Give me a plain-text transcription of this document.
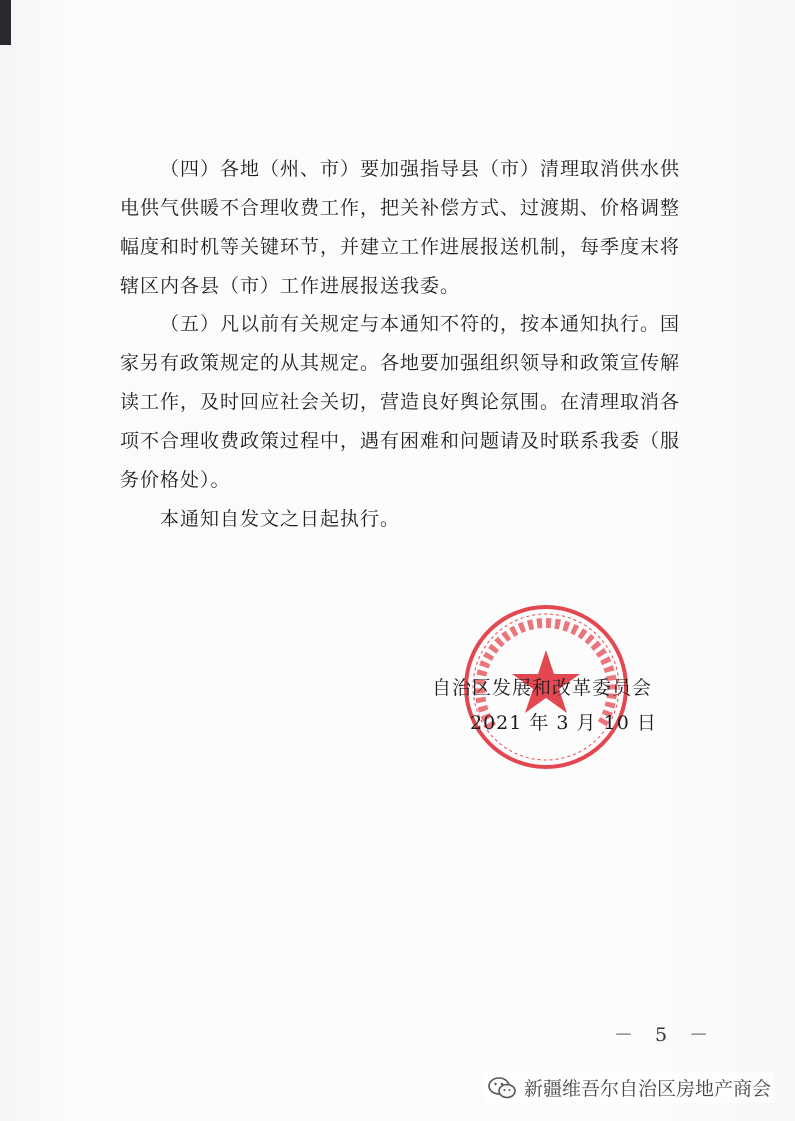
（四）各地（州、市）要加强指导县（市）清理取消供水供
电供气供暖不合理收费工作，把关补偿方式、过渡期、价格调整
幅度和时机等关键环节，并建立工作进展报送机制，每季度末将
辖区内各县（市）工作进展报送我委。
（五）凡以前有关规定与本通知不符的，按本通知执行。国
家另有政策规定的从其规定。各地要加强组织领导和政策宣传解
读工作，及时回应社会关切，营造良好舆论氛围。在清理取消各
项不合理收费政策过程中，遇有困难和问题请及时联系我委（服
务价格处）。
本通知自发文之日起执行。
自治区发展和改革委员会
2021 年 3 月 10 日
－ 5 －
新疆维吾尔自治区房地产商会
